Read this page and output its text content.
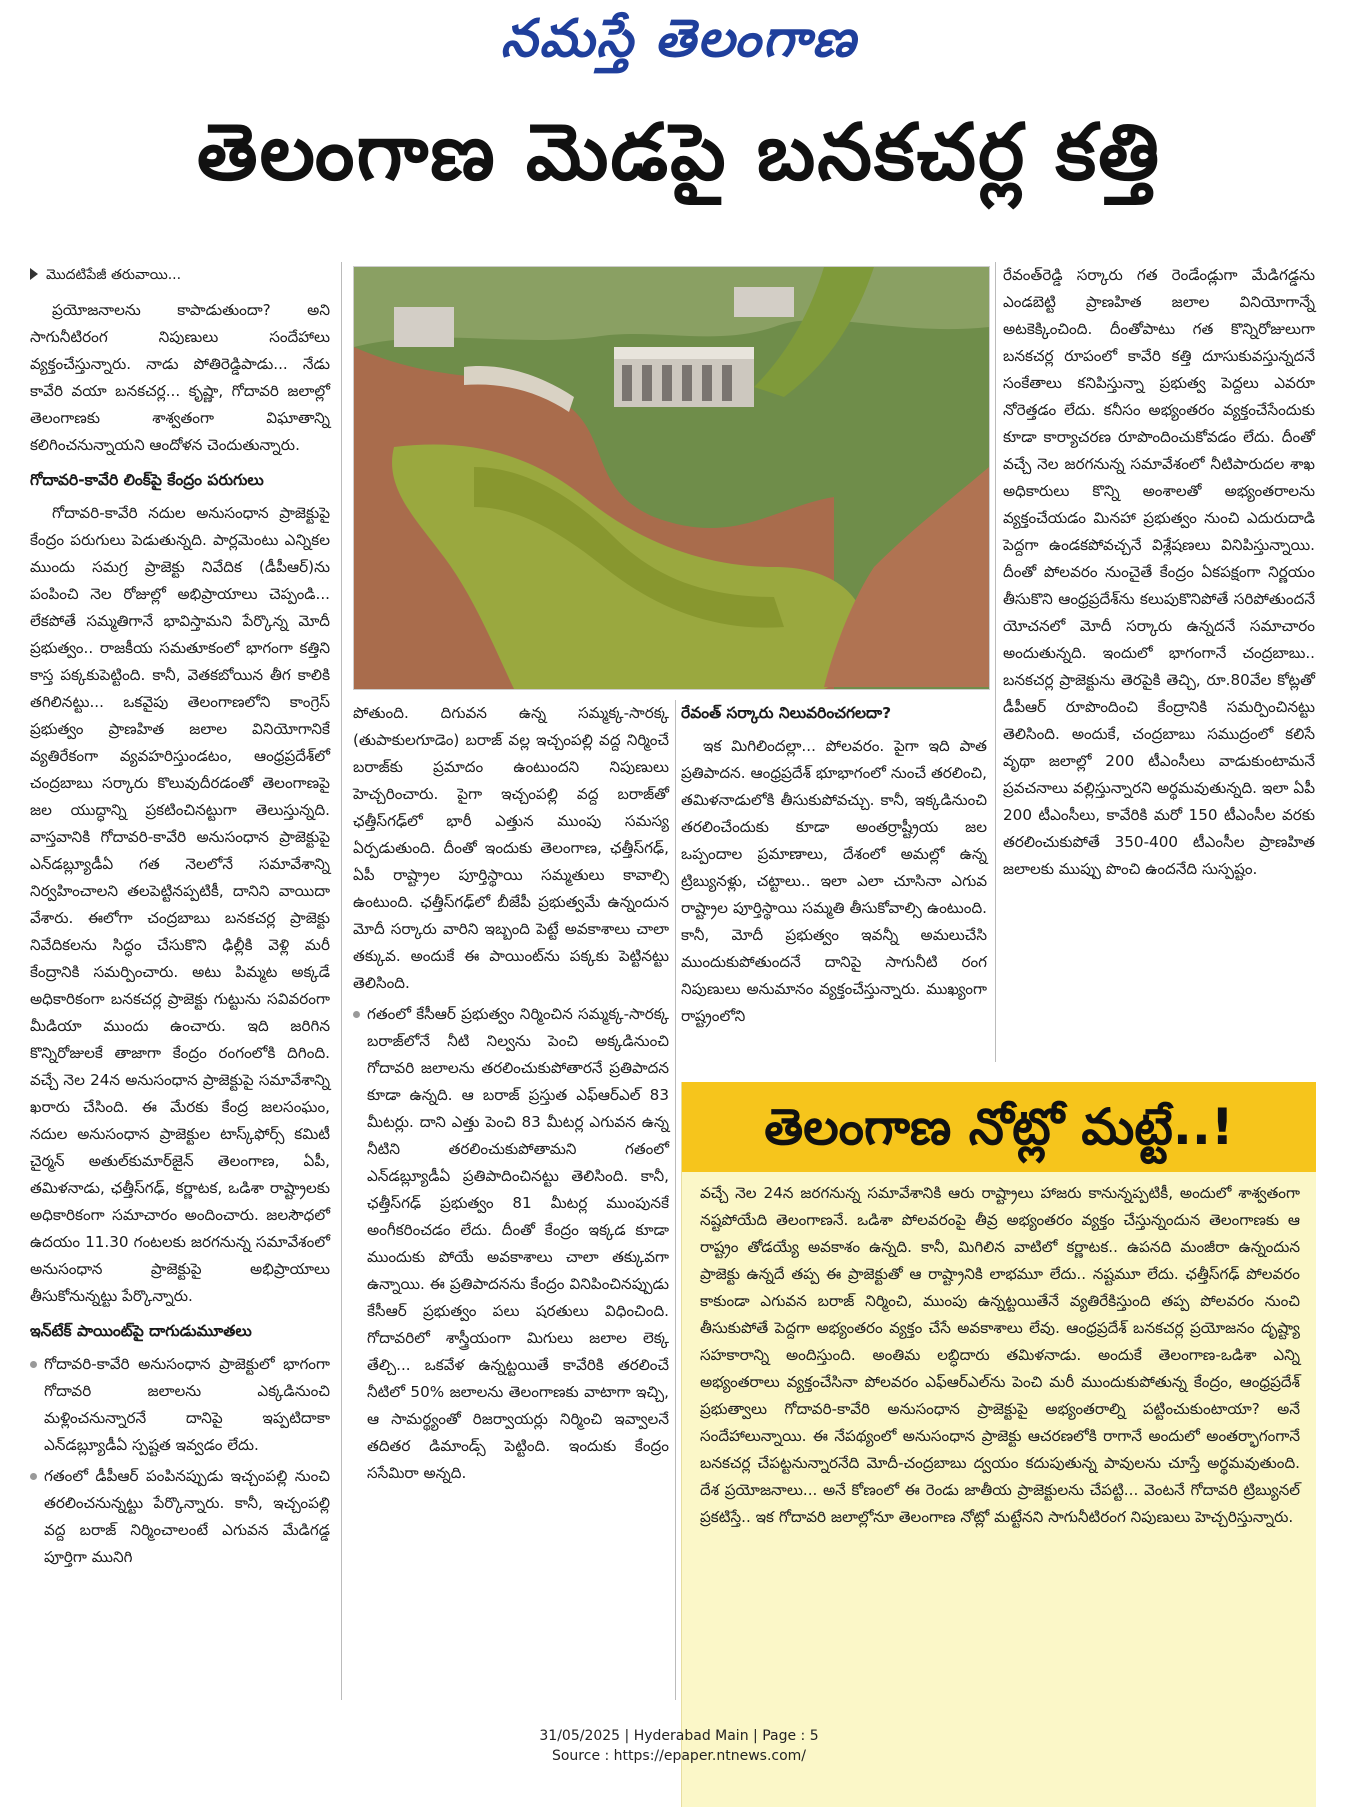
నమస్తే తెలంగాణ
తెలంగాణ మెడపై బనకచర్ల కత్తి
మొదటిపేజీ తరువాయి...

ప్రయోజనాలను కాపాడుతుందా? అని సాగునీటిరంగ నిపుణులు సందేహాలు వ్యక్తంచేస్తున్నారు. నాడు పోతిరెడ్డిపాడు... నేడు కావేరి వయా బనకచర్ల... కృష్ణా, గోదావరి జలాల్లో తెలంగాణకు శాశ్వతంగా విఘాతాన్ని కలిగించనున్నాయని ఆందోళన చెందుతున్నారు.

గోదావరి-కావేరి లింక్‌పై కేంద్రం పరుగులు

గోదావరి-కావేరి నదుల అనుసంధాన ప్రాజెక్టుపై కేంద్రం పరుగులు పెడుతున్నది. పార్లమెంటు ఎన్నికల ముందు సమగ్ర ప్రాజెక్టు నివేదిక (డీపీఆర్)ను పంపించి నెల రోజుల్లో అభిప్రాయాలు చెప్పండి... లేకపోతే సమ్మతిగానే భావిస్తామని పేర్కొన్న మోదీ ప్రభుత్వం.. రాజకీయ సమతూకంలో భాగంగా కత్తిని కాస్త పక్కకుపెట్టింది. కానీ, వెతకబోయిన తీగ కాలికి తగిలినట్టు... ఒకవైపు తెలంగాణలోని కాంగ్రెస్ ప్రభుత్వం ప్రాణహిత జలాల వినియోగానికే వ్యతిరేకంగా వ్యవహరిస్తుండటం, ఆంధ్రప్రదేశ్‌లో చంద్రబాబు సర్కారు కొలువుదీరడంతో తెలంగాణపై జల యుద్ధాన్ని ప్రకటించినట్టుగా తెలుస్తున్నది. వాస్తవానికి గోదావరి-కావేరి అనుసంధాన ప్రాజెక్టుపై ఎన్‌డబ్ల్యూడీఏ గత నెలలోనే సమావేశాన్ని నిర్వహించాలని తలపెట్టినప్పటికీ, దానిని వాయిదా వేశారు. ఈలోగా చంద్రబాబు బనకచర్ల ప్రాజెక్టు నివేదికలను సిద్ధం చేసుకొని ఢిల్లీకి వెళ్లి మరీ కేంద్రానికి సమర్పించారు. అటు పిమ్మట అక్కడే అధికారికంగా బనకచర్ల ప్రాజెక్టు గుట్టును సవివరంగా మీడియా ముందు ఉంచారు. ఇది జరిగిన కొన్నిరోజులకే తాజాగా కేంద్రం రంగంలోకి దిగింది. వచ్చే నెల 24న అనుసంధాన ప్రాజెక్టుపై సమావేశాన్ని ఖరారు చేసింది. ఈ మేరకు కేంద్ర జలసంఘం, నదుల అనుసంధాన ప్రాజెక్టుల టాస్క్‌ఫోర్స్ కమిటీ చైర్మన్ అతుల్‌కుమార్‌జైన్ తెలంగాణ, ఏపీ, తమిళనాడు, ఛత్తీస్‌గఢ్, కర్ణాటక, ఒడిశా రాష్ట్రాలకు అధికారికంగా సమాచారం అందించారు. జలసౌధలో ఉదయం 11.30 గంటలకు జరగనున్న సమావేశంలో అనుసంధాన ప్రాజెక్టుపై అభిప్రాయాలు తీసుకోనున్నట్టు పేర్కొన్నారు.

ఇన్‌టేక్ పాయింట్‌పై దాగుడుమూతలు

గోదావరి-కావేరి అనుసంధాన ప్రాజెక్టులో భాగంగా గోదావరి జలాలను ఎక్కడినుంచి మళ్లించనున్నారనే దానిపై ఇప్పటిదాకా ఎన్‌డబ్ల్యూడీఏ స్పష్టత ఇవ్వడం లేదు.

గతంలో డీపీఆర్ పంపినప్పుడు ఇచ్చంపల్లి నుంచి తరలించనున్నట్టు పేర్కొన్నారు. కానీ, ఇచ్చంపల్లి వద్ద బరాజ్ నిర్మించాలంటే ఎగువన మేడిగడ్డ పూర్తిగా మునిగి

పోతుంది. దిగువన ఉన్న సమ్మక్క-సారక్క (తుపాకులగూడెం) బరాజ్ వల్ల ఇచ్చంపల్లి వద్ద నిర్మించే బరాజ్‌కు ప్రమాదం ఉంటుందని నిపుణులు హెచ్చరించారు. పైగా ఇచ్చంపల్లి వద్ద బరాజ్‌తో ఛత్తీస్‌గఢ్‌లో భారీ ఎత్తున ముంపు సమస్య ఏర్పడుతుంది. దీంతో ఇందుకు తెలంగాణ, ఛత్తీస్‌గఢ్, ఏపీ రాష్ట్రాల పూర్తిస్థాయి సమ్మతులు కావాల్సి ఉంటుంది. ఛత్తీస్‌గఢ్‌లో బీజేపీ ప్రభుత్వమే ఉన్నందున మోదీ సర్కారు వారిని ఇబ్బంది పెట్టే అవకాశాలు చాలా తక్కువ. అందుకే ఈ పాయింట్‌ను పక్కకు పెట్టినట్టు తెలిసింది.

గతంలో కేసీఆర్ ప్రభుత్వం నిర్మించిన సమ్మక్క-సారక్క బరాజ్‌లోనే నీటి నిల్వను పెంచి అక్కడినుంచి గోదావరి జలాలను తరలించుకుపోతారనే ప్రతిపాదన కూడా ఉన్నది. ఆ బరాజ్ ప్రస్తుత ఎఫ్ఆర్ఎల్ 83 మీటర్లు. దాని ఎత్తు పెంచి 83 మీటర్ల ఎగువన ఉన్న నీటిని తరలించుకుపోతామని గతంలో ఎన్‌డబ్ల్యూడీఏ ప్రతిపాదించినట్టు తెలిసింది. కానీ, ఛత్తీస్‌గఢ్ ప్రభుత్వం 81 మీటర్ల ముంపునకే అంగీకరించడం లేదు. దీంతో కేంద్రం ఇక్కడ కూడా ముందుకు పోయే అవకాశాలు చాలా తక్కువగా ఉన్నాయి. ఈ ప్రతిపాదనను కేంద్రం వినిపించినప్పుడు కేసీఆర్ ప్రభుత్వం పలు షరతులు విధించింది. గోదావరిలో శాస్త్రీయంగా మిగులు జలాల లెక్క తేల్చి... ఒకవేళ ఉన్నట్టయితే కావేరికి తరలించే నీటిలో 50% జలాలను తెలంగాణకు వాటాగా ఇచ్చి, ఆ సామర్థ్యంతో రిజర్వాయర్లు నిర్మించి ఇవ్వాలనే తదితర డిమాండ్స్ పెట్టింది. ఇందుకు కేంద్రం ససేమిరా అన్నది.

రేవంత్ సర్కారు నిలువరించగలదా?

ఇక మిగిలిందల్లా... పోలవరం. పైగా ఇది పాత ప్రతిపాదన. ఆంధ్రప్రదేశ్ భూభాగంలో నుంచే తరలించి, తమిళనాడులోకి తీసుకుపోవచ్చు. కానీ, ఇక్కడినుంచి తరలించేందుకు కూడా అంతర్రాష్ట్రీయ జల ఒప్పందాల ప్రమాణాలు, దేశంలో అమల్లో ఉన్న ట్రిబ్యునళ్లు, చట్టాలు.. ఇలా ఎలా చూసినా ఎగువ రాష్ట్రాల పూర్తిస్థాయి సమ్మతి తీసుకోవాల్సి ఉంటుంది. కానీ, మోదీ ప్రభుత్వం ఇవన్నీ అమలుచేసి ముందుకుపోతుందనే దానిపై సాగునీటి రంగ నిపుణులు అనుమానం వ్యక్తంచేస్తున్నారు. ముఖ్యంగా రాష్ట్రంలోని

రేవంత్‌రెడ్డి సర్కారు గత రెండేండ్లుగా మేడిగడ్డను ఎండబెట్టి ప్రాణహిత జలాల వినియోగాన్నే అటకెక్కించింది. దీంతోపాటు గత కొన్నిరోజులుగా బనకచర్ల రూపంలో కావేరి కత్తి దూసుకువస్తున్నదనే సంకేతాలు కనిపిస్తున్నా ప్రభుత్వ పెద్దలు ఎవరూ నోరెత్తడం లేదు. కనీసం అభ్యంతరం వ్యక్తంచేసేందుకు కూడా కార్యాచరణ రూపొందించుకోవడం లేదు. దీంతో వచ్చే నెల జరగనున్న సమావేశంలో నీటిపారుదల శాఖ అధికారులు కొన్ని అంశాలతో అభ్యంతరాలను వ్యక్తంచేయడం మినహా ప్రభుత్వం నుంచి ఎదురుదాడి పెద్దగా ఉండకపోవచ్చనే విశ్లేషణలు వినిపిస్తున్నాయి. దీంతో పోలవరం నుంచైతే కేంద్రం ఏకపక్షంగా నిర్ణయం తీసుకొని ఆంధ్రప్రదేశ్‌ను కలుపుకొనిపోతే సరిపోతుందనే యోచనలో మోదీ సర్కారు ఉన్నదనే సమాచారం అందుతున్నది. ఇందులో భాగంగానే చంద్రబాబు.. బనకచర్ల ప్రాజెక్టును తెరపైకి తెచ్చి, రూ.80వేల కోట్లతో డీపీఆర్ రూపొందించి కేంద్రానికి సమర్పించినట్టు తెలిసింది. అందుకే, చంద్రబాబు సముద్రంలో కలిసే వృథా జలాల్లో 200 టీఎంసీలు వాడుకుంటామనే ప్రవచనాలు వల్లిస్తున్నారని అర్థమవుతున్నది. ఇలా ఏపీ 200 టీఎంసీలు, కావేరికి మరో 150 టీఎంసీల వరకు తరలించుకుపోతే 350-400 టీఎంసీల ప్రాణహిత జలాలకు ముప్పు పొంచి ఉందనేది సుస్పష్టం.

తెలంగాణ నోట్లో మట్టే..!
వచ్చే నెల 24న జరగనున్న సమావేశానికి ఆరు రాష్ట్రాలు హాజరు కానున్నప్పటికీ, అందులో శాశ్వతంగా నష్టపోయేది తెలంగాణనే. ఒడిశా పోలవరంపై తీవ్ర అభ్యంతరం వ్యక్తం చేస్తున్నందున తెలంగాణకు ఆ రాష్ట్రం తోడయ్యే అవకాశం ఉన్నది. కానీ, మిగిలిన వాటిలో కర్ణాటక.. ఉపనది మంజీరా ఉన్నందున ప్రాజెక్టు ఉన్నదే తప్ప ఈ ప్రాజెక్టుతో ఆ రాష్ట్రానికి లాభమూ లేదు.. నష్టమూ లేదు. ఛత్తీస్‌గఢ్ పోలవరం కాకుండా ఎగువన బరాజ్ నిర్మించి, ముంపు ఉన్నట్టయితేనే వ్యతిరేకిస్తుంది తప్ప పోలవరం నుంచి తీసుకుపోతే పెద్దగా అభ్యంతరం వ్యక్తం చేసే అవకాశాలు లేవు. ఆంధ్రప్రదేశ్ బనకచర్ల ప్రయోజనం దృష్ట్యా సహకారాన్ని అందిస్తుంది. అంతిమ లబ్ధిదారు తమిళనాడు. అందుకే తెలంగాణ-ఒడిశా ఎన్ని అభ్యంతరాలు వ్యక్తంచేసినా పోలవరం ఎఫ్ఆర్ఎల్‌ను పెంచి మరీ ముందుకుపోతున్న కేంద్రం, ఆంధ్రప్రదేశ్ ప్రభుత్వాలు గోదావరి-కావేరి అనుసంధాన ప్రాజెక్టుపై అభ్యంతరాల్ని పట్టించుకుంటాయా? అనే సందేహాలున్నాయి. ఈ నేపథ్యంలో అనుసంధాన ప్రాజెక్టు ఆచరణలోకి రాగానే అందులో అంతర్భాగంగానే బనకచర్ల చేపట్టనున్నారనేది మోదీ-చంద్రబాబు ద్వయం కదుపుతున్న పావులను చూస్తే అర్థమవుతుంది. దేశ ప్రయోజనాలు... అనే కోణంలో ఈ రెండు జాతీయ ప్రాజెక్టులను చేపట్టి... వెంటనే గోదావరి ట్రిబ్యునల్ ప్రకటిస్తే.. ఇక గోదావరి జలాల్లోనూ తెలంగాణ నోట్లో మట్టేనని సాగునీటిరంగ నిపుణులు హెచ్చరిస్తున్నారు.
31/05/2025 | Hyderabad Main | Page : 5
Source : https://epaper.ntnews.com/
